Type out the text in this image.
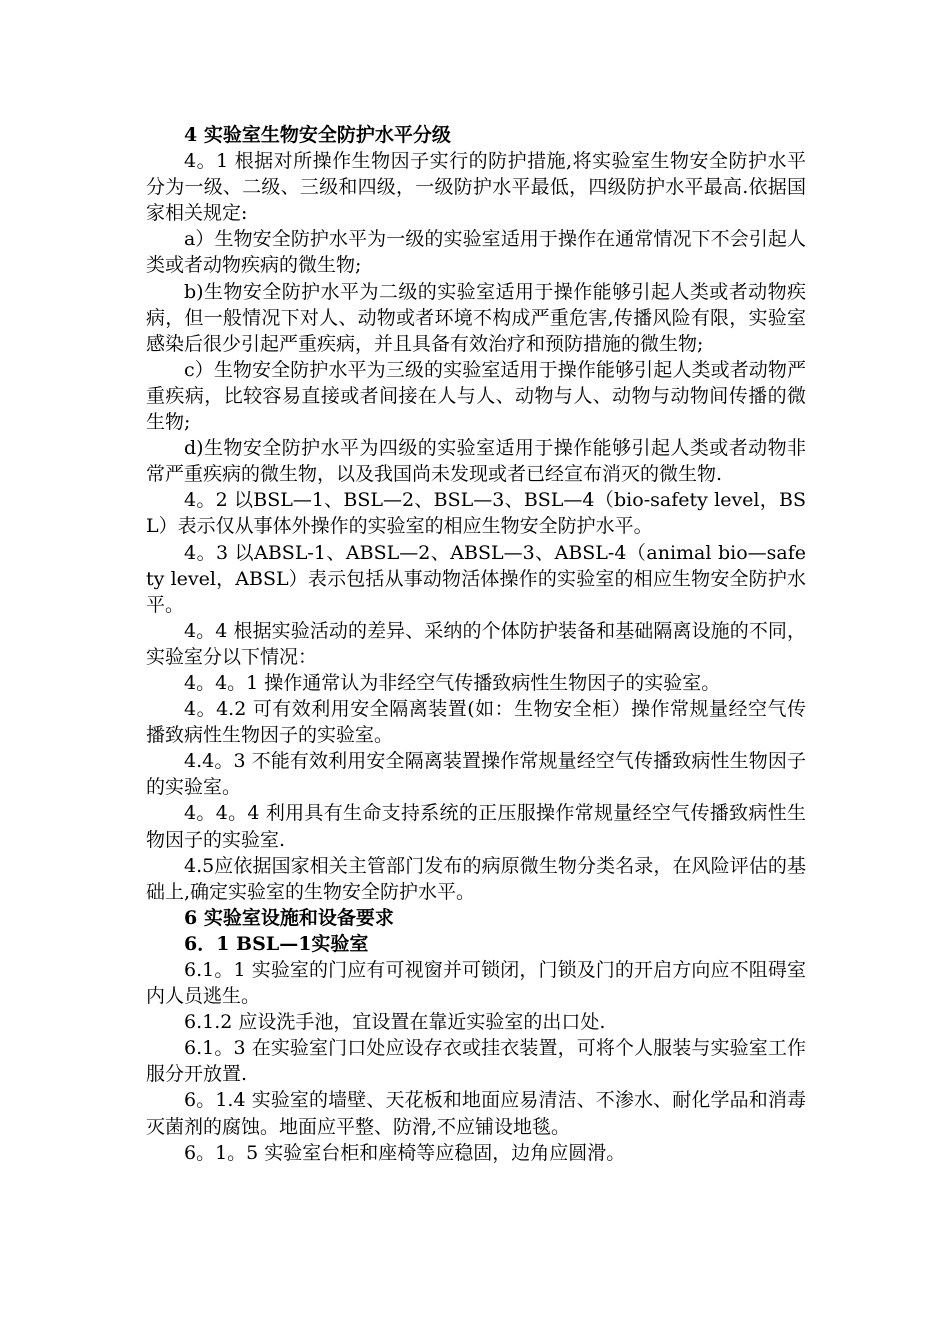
4 实验室生物安全防护水平分级

4。1 根据对所操作生物因子实行的防护措施,将实验室生物安全防护水平分为一级、二级、三级和四级，一级防护水平最低，四级防护水平最高.依据国家相关规定:

a）生物安全防护水平为一级的实验室适用于操作在通常情况下不会引起人类或者动物疾病的微生物;

b)生物安全防护水平为二级的实验室适用于操作能够引起人类或者动物疾病，但一般情况下对人、动物或者环境不构成严重危害,传播风险有限，实验室感染后很少引起严重疾病，并且具备有效治疗和预防措施的微生物;

c）生物安全防护水平为三级的实验室适用于操作能够引起人类或者动物严重疾病，比较容易直接或者间接在人与人、动物与人、动物与动物间传播的微生物;

d)生物安全防护水平为四级的实验室适用于操作能够引起人类或者动物非常严重疾病的微生物，以及我国尚未发现或者已经宣布消灭的微生物.

4。2 以BSL—1、BSL—2、BSL—3、BSL—4（bio-safety level，BSL）表示仅从事体外操作的实验室的相应生物安全防护水平。

4。3 以ABSL-1、ABSL—2、ABSL—3、ABSL-4（animal bio—safety level，ABSL）表示包括从事动物活体操作的实验室的相应生物安全防护水平。

4。4 根据实验活动的差异、采纳的个体防护装备和基础隔离设施的不同，实验室分以下情况：

4。4。1 操作通常认为非经空气传播致病性生物因子的实验室。

4。4.2 可有效利用安全隔离装置(如：生物安全柜）操作常规量经空气传播致病性生物因子的实验室。

4.4。3 不能有效利用安全隔离装置操作常规量经空气传播致病性生物因子的实验室。

4。4。4 利用具有生命支持系统的正压服操作常规量经空气传播致病性生物因子的实验室.

4.5应依据国家相关主管部门发布的病原微生物分类名录，在风险评估的基础上,确定实验室的生物安全防护水平。

6 实验室设施和设备要求

6．1 BSL—1实验室

6.1。1 实验室的门应有可视窗并可锁闭，门锁及门的开启方向应不阻碍室内人员逃生。

6.1.2 应设洗手池，宜设置在靠近实验室的出口处.

6.1。3 在实验室门口处应设存衣或挂衣装置，可将个人服装与实验室工作服分开放置.

6。1.4 实验室的墙壁、天花板和地面应易清洁、不渗水、耐化学品和消毒灭菌剂的腐蚀。地面应平整、防滑,不应铺设地毯。

6。1。5 实验室台柜和座椅等应稳固，边角应圆滑。
